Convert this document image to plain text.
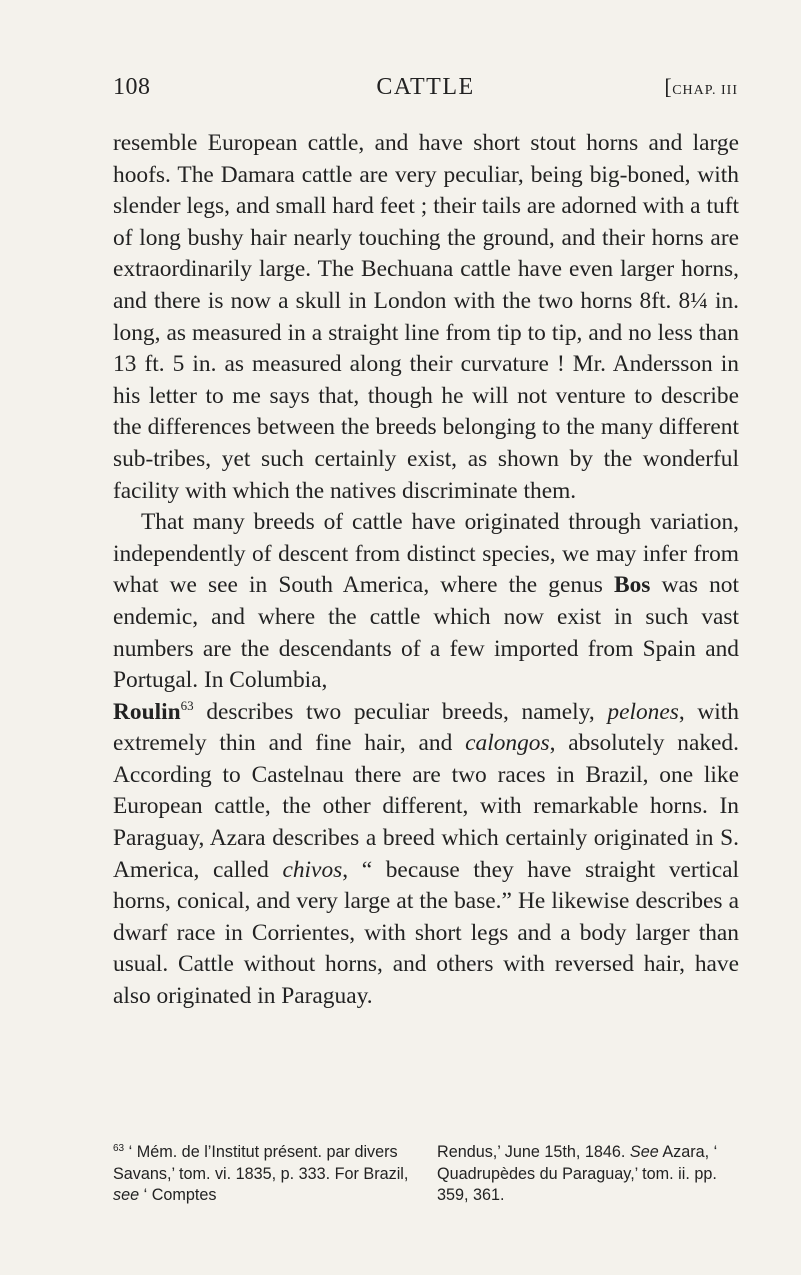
108	CATTLE	[CHAP. III

resemble European cattle, and have short stout horns and large hoofs. The Damara cattle are very peculiar, being big-boned, with slender legs, and small hard feet ; their tails are adorned with a tuft of long bushy hair nearly touching the ground, and their horns are extraordinarily large. The Bechuana cattle have even larger horns, and there is now a skull in London with the two horns 8ft. 8¼ in. long, as measured in a straight line from tip to tip, and no less than 13 ft. 5 in. as measured along their curvature ! Mr. Andersson in his letter to me says that, though he will not venture to describe the differences between the breeds belonging to the many different sub-tribes, yet such certainly exist, as shown by the wonderful facility with which the natives discriminate them.

That many breeds of cattle have originated through variation, independently of descent from distinct species, we may infer from what we see in South America, where the genus Bos was not endemic, and where the cattle which now exist in such vast numbers are the descendants of a few imported from Spain and Portugal. In Columbia,
Roulin$^{63}$ describes two peculiar breeds, namely, pelones, with extremely thin and fine hair, and calongos, absolutely naked. According to Castelnau there are two races in Brazil, one like European cattle, the other different, with remarkable horns. In Paraguay, Azara describes a breed which certainly originated in S. America, called chivos, “ because they have straight vertical horns, conical, and very large at the base.” He likewise describes a dwarf race in Corrientes, with short legs and a body larger than usual. Cattle without horns, and others with reversed hair, have also originated in Paraguay.

$^{63}$ ‘ Mém. de l’Institut présent. par divers Savans,’ tom. vi. 1835, p. 333. For Brazil, see ‘ Comptes
Rendus,’ June 15th, 1846. See Azara, ‘ Quadrupèdes du Paraguay,’ tom. ii. pp. 359, 361.
